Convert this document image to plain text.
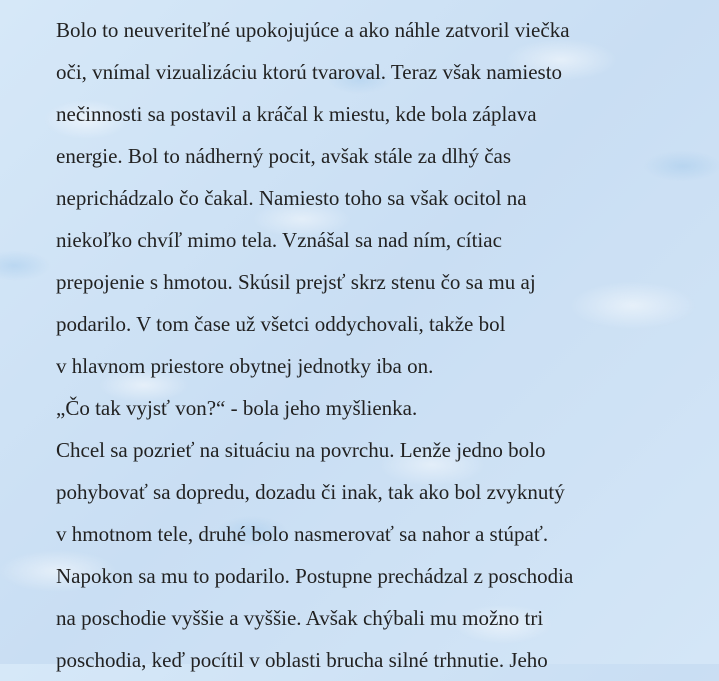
Bolo to neuveriteľné upokojujúce a ako náhle zatvoril viečka
oči, vnímal vizualizáciu ktorú tvaroval. Teraz však namiesto
nečinnosti sa postavil a kráčal k miestu, kde bola záplava
energie. Bol to nádherný pocit, avšak stále za dlhý čas
neprichádzalo čo čakal. Namiesto toho sa však ocitol na
niekoľko chvíľ mimo tela. Vznášal sa nad ním, cítiac
prepojenie s hmotou. Skúsil prejsť skrz stenu čo sa mu aj
podarilo. V tom čase už všetci oddychovali, takže bol
v hlavnom priestore obytnej jednotky iba on.
„Čo tak vyjsť von?“ - bola jeho myšlienka.
Chcel sa pozrieť na situáciu na povrchu. Lenže jedno bolo
pohybovať sa dopredu, dozadu či inak, tak ako bol zvyknutý
v hmotnom tele, druhé bolo nasmerovať sa nahor a stúpať.
Napokon sa mu to podarilo. Postupne prechádzal z poschodia
na poschodie vyššie a vyššie. Avšak chýbali mu možno tri
poschodia, keď pocítil v oblasti brucha silné trhnutie. Jeho
